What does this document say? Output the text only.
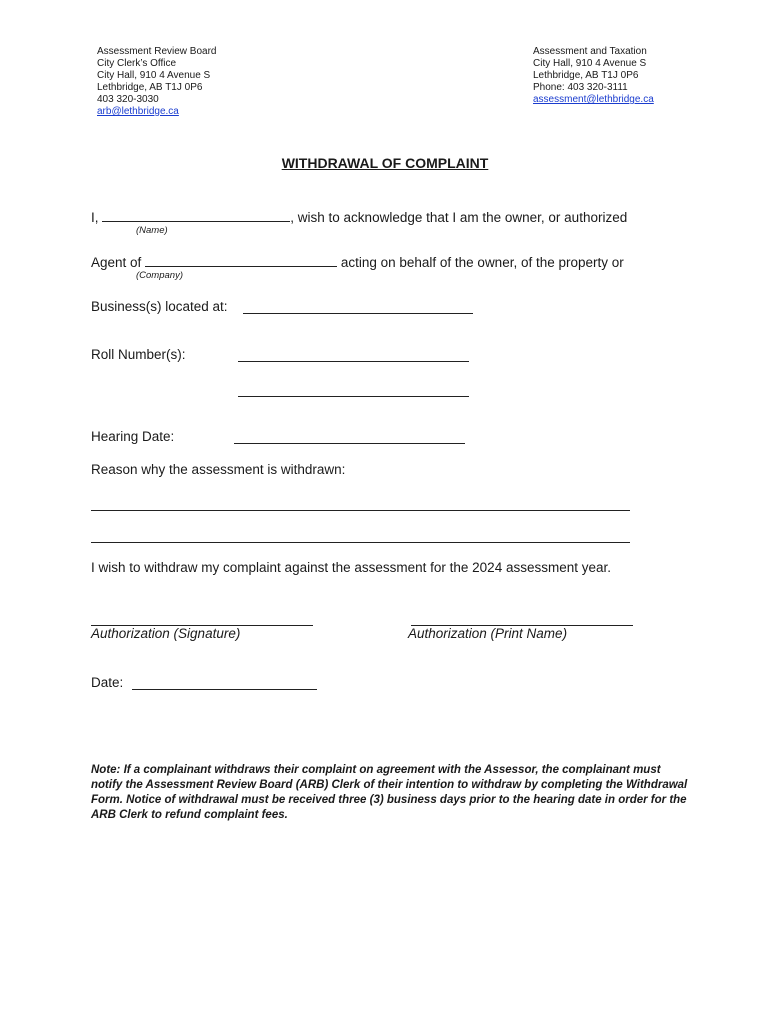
Assessment Review Board
City Clerk’s Office
City Hall, 910 4 Avenue S
Lethbridge, AB T1J 0P6
403 320-3030
arb@lethbridge.ca
Assessment and Taxation
City Hall, 910 4 Avenue S
Lethbridge, AB T1J 0P6
Phone: 403 320-3111
assessment@lethbridge.ca
WITHDRAWAL OF COMPLAINT
I,	, wish to acknowledge that I am the owner, or authorized
(Name)
Agent of	acting on behalf of the owner, of the property or
(Company)
Business(s) located at:
Roll Number(s):
Hearing Date:
Reason why the assessment is withdrawn:
I wish to withdraw my complaint against the assessment for the 2024 assessment year.
Authorization (Signature)	Authorization (Print Name)
Date:
Note: If a complainant withdraws their complaint on agreement with the Assessor, the complainant must notify the Assessment Review Board (ARB) Clerk of their intention to withdraw by completing the Withdrawal Form. Notice of withdrawal must be received three (3) business days prior to the hearing date in order for the ARB Clerk to refund complaint fees.
